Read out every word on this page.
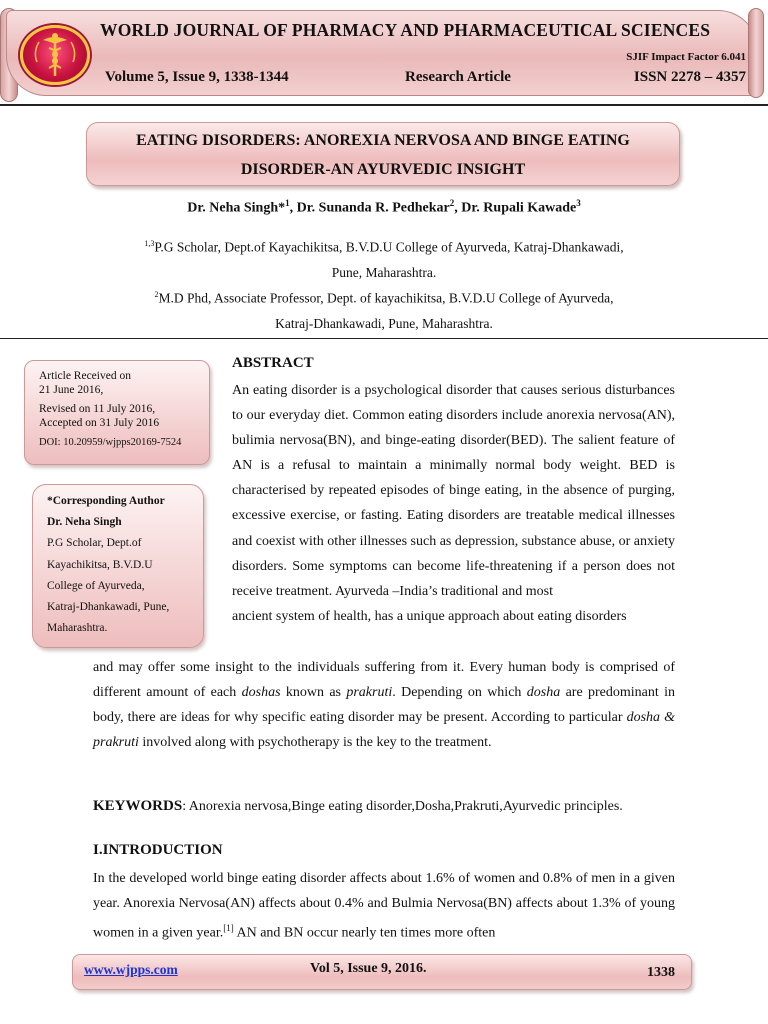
WORLD JOURNAL OF PHARMACY AND PHARMACEUTICAL SCIENCES
SJIF Impact Factor 6.041
Volume 5, Issue 9, 1338-1344	Research Article	ISSN 2278 – 4357
EATING DISORDERS: ANOREXIA NERVOSA AND BINGE EATING
DISORDER-AN AYURVEDIC INSIGHT
Dr. Neha Singh*$^1$, Dr. Sunanda R. Pedhekar$^2$, Dr. Rupali Kawade$^3$
$^{1,3}$P.G Scholar, Dept.of Kayachikitsa, B.V.D.U College of Ayurveda, Katraj-Dhankawadi,
Pune, Maharashtra.
$^2$M.D Phd, Associate Professor, Dept. of kayachikitsa, B.V.D.U College of Ayurveda,
Katraj-Dhankawadi, Pune, Maharashtra.
Article Received on
21 June 2016,
Revised on 11 July 2016,
Accepted on 31 July 2016
DOI: 10.20959/wjpps20169-7524
*Corresponding Author
Dr. Neha Singh
P.G Scholar, Dept.of
Kayachikitsa, B.V.D.U
College of Ayurveda,
Katraj-Dhankawadi, Pune,
Maharashtra.
ABSTRACT

An eating disorder is a psychological disorder that causes serious disturbances to our everyday diet. Common eating disorders include anorexia nervosa(AN), bulimia nervosa(BN), and binge-eating disorder(BED). The salient feature of AN is a refusal to maintain a minimally normal body weight. BED is characterised by repeated episodes of binge eating, in the absence of purging, excessive exercise, or fasting. Eating disorders are treatable medical illnesses and coexist with other illnesses such as depression, substance abuse, or anxiety disorders. Some symptoms can become life-threatening if a person does not receive treatment. Ayurveda –India’s traditional and most

ancient system of health, has a unique approach about eating disorders

and may offer some insight to the individuals suffering from it. Every human body is comprised of different amount of each doshas known as prakruti. Depending on which dosha are predominant in body, there are ideas for why specific eating disorder may be present. According to particular dosha & prakruti involved along with psychotherapy is the key to the treatment.
KEYWORDS: Anorexia nervosa,Binge eating disorder,Dosha,Prakruti,Ayurvedic principles.
I.INTRODUCTION
In the developed world binge eating disorder affects about 1.6% of women and 0.8% of men in a given year. Anorexia Nervosa(AN) affects about 0.4% and Bulmia Nervosa(BN) affects about 1.3% of young women in a given year.[1] AN and BN occur nearly ten times more often
www.wjpps.com	Vol 5, Issue 9, 2016.	1338
